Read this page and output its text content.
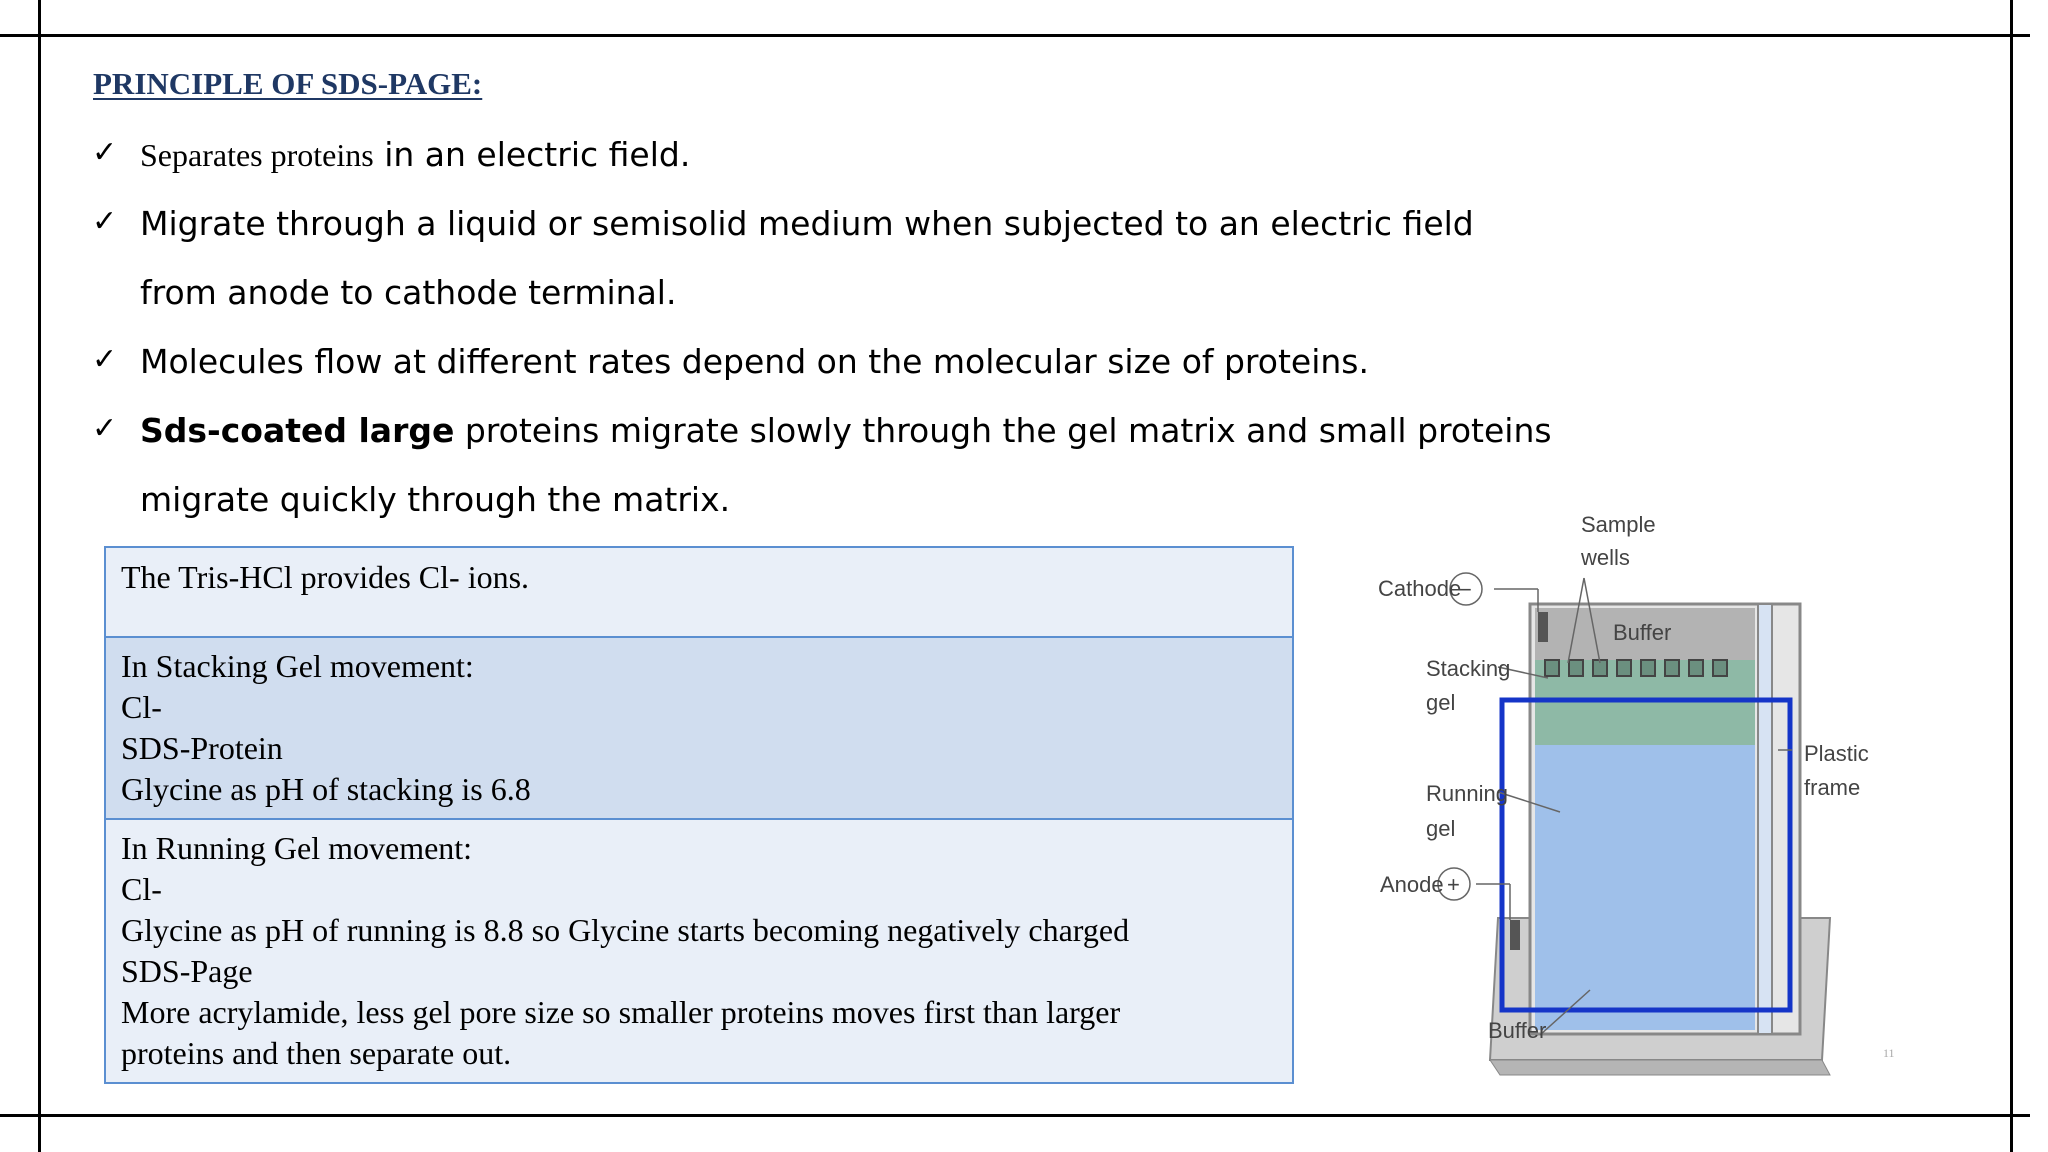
PRINCIPLE OF SDS-PAGE:
✓ Separates proteins in an electric field.
✓ Migrate through a liquid or semisolid medium when subjected to an electric field
from anode to cathode terminal.
✓ Molecules flow at different rates depend on the molecular size of proteins.
✓ Sds-coated large proteins migrate slowly through the gel matrix and small proteins
migrate quickly through the matrix.
The Tris-HCl provides Cl- ions.
In Stacking Gel movement:
Cl-
SDS-Protein
Glycine as pH of stacking is 6.8
In Running Gel movement:
Cl-
Glycine as pH of running is 8.8 so Glycine starts becoming negatively charged
SDS-Page
More acrylamide, less gel pore size so smaller proteins moves first than larger
proteins and then separate out.
−
+
Cathode
Sample
wells
Buffer
Stacking
gel
Running
gel
Anode
Plastic
frame
Buffer
11
